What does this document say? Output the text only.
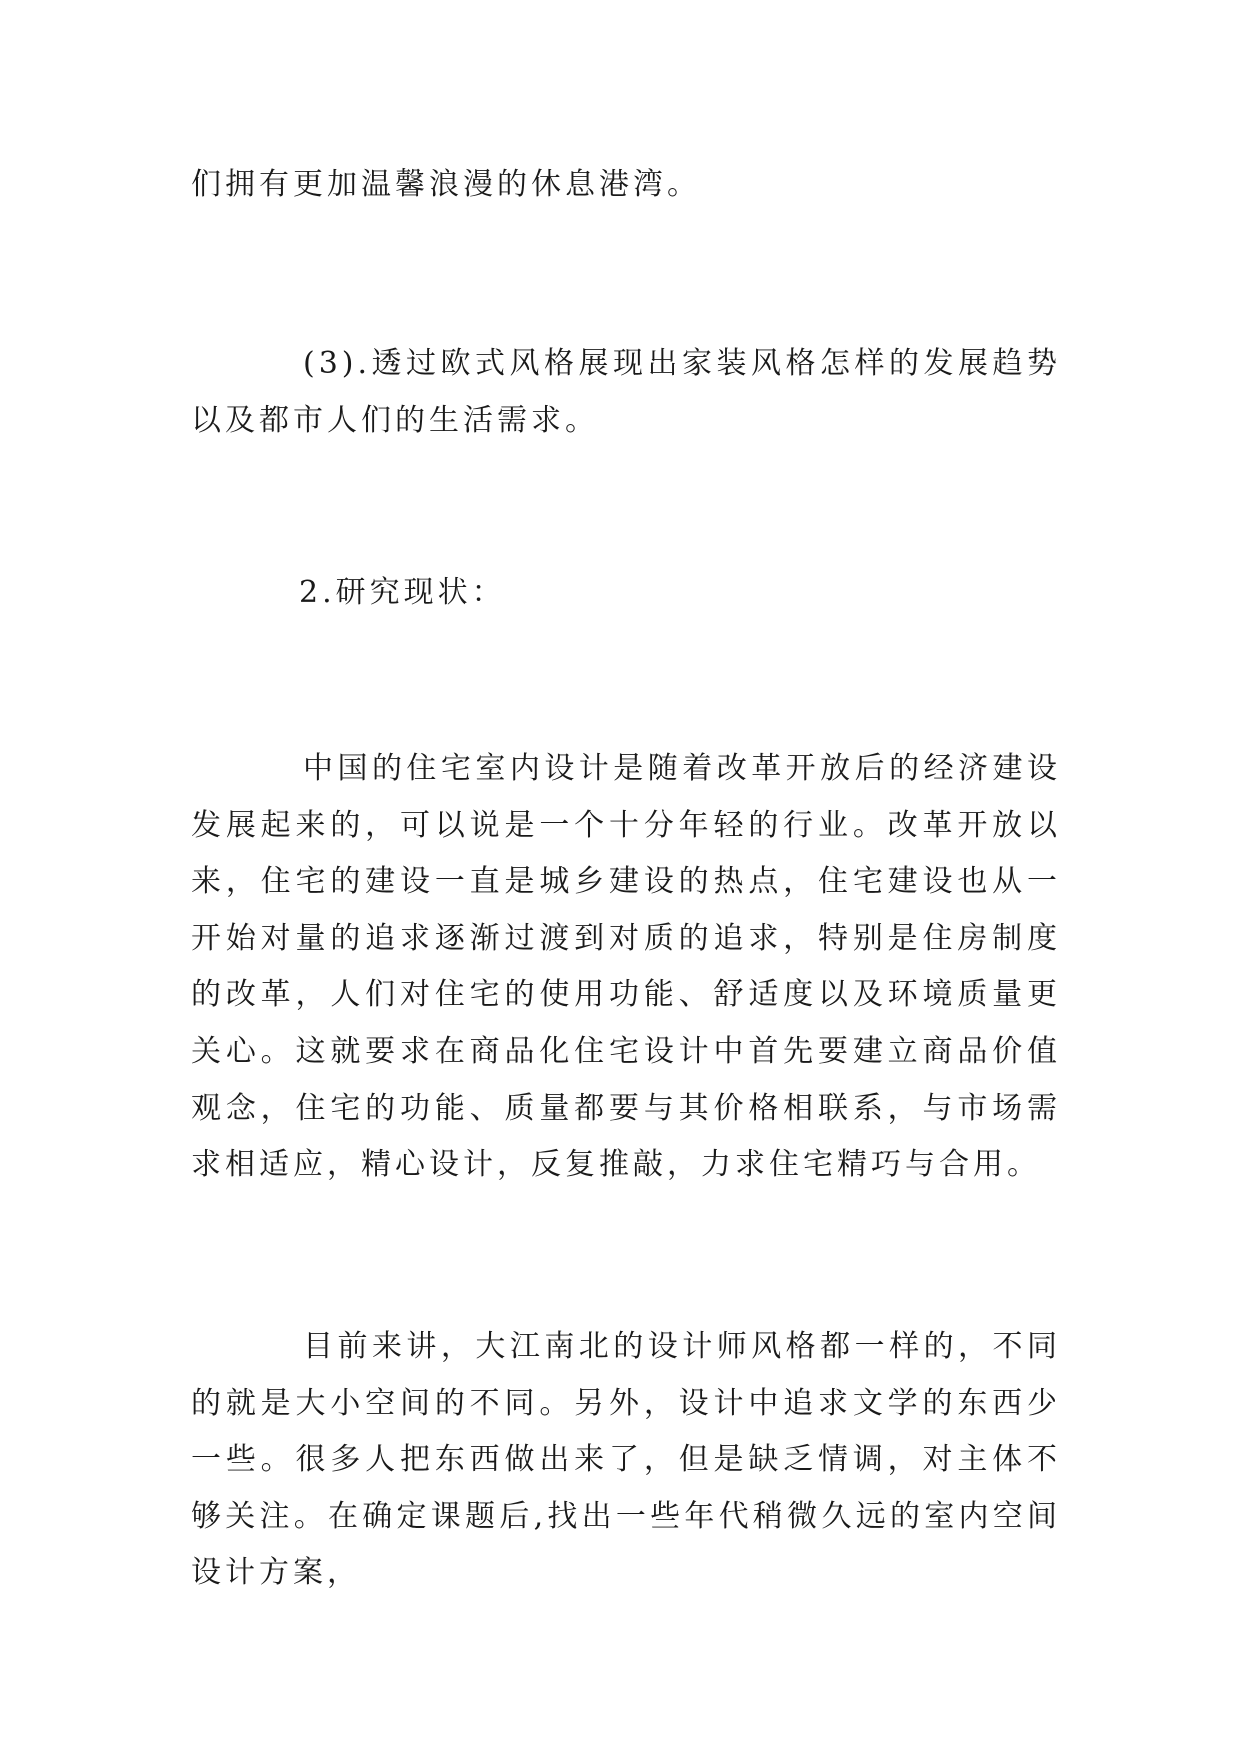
们拥有更加温馨浪漫的休息港湾。

(3).透过欧式风格展现出家装风格怎样的发展趋势以及都市人们的生活需求。

2.研究现状：

中国的住宅室内设计是随着改革开放后的经济建设发展起来的，可以说是一个十分年轻的行业。改革开放以来，住宅的建设一直是城乡建设的热点，住宅建设也从一开始对量的追求逐渐过渡到对质的追求，特别是住房制度的改革，人们对住宅的使用功能、舒适度以及环境质量更关心。这就要求在商品化住宅设计中首先要建立商品价值观念，住宅的功能、质量都要与其价格相联系，与市场需求相适应，精心设计，反复推敲，力求住宅精巧与合用。

目前来讲，大江南北的设计师风格都一样的，不同的就是大小空间的不同。另外，设计中追求文学的东西少一些。很多人把东西做出来了，但是缺乏情调，对主体不够关注。在确定课题后,找出一些年代稍微久远的室内空间设计方案，
